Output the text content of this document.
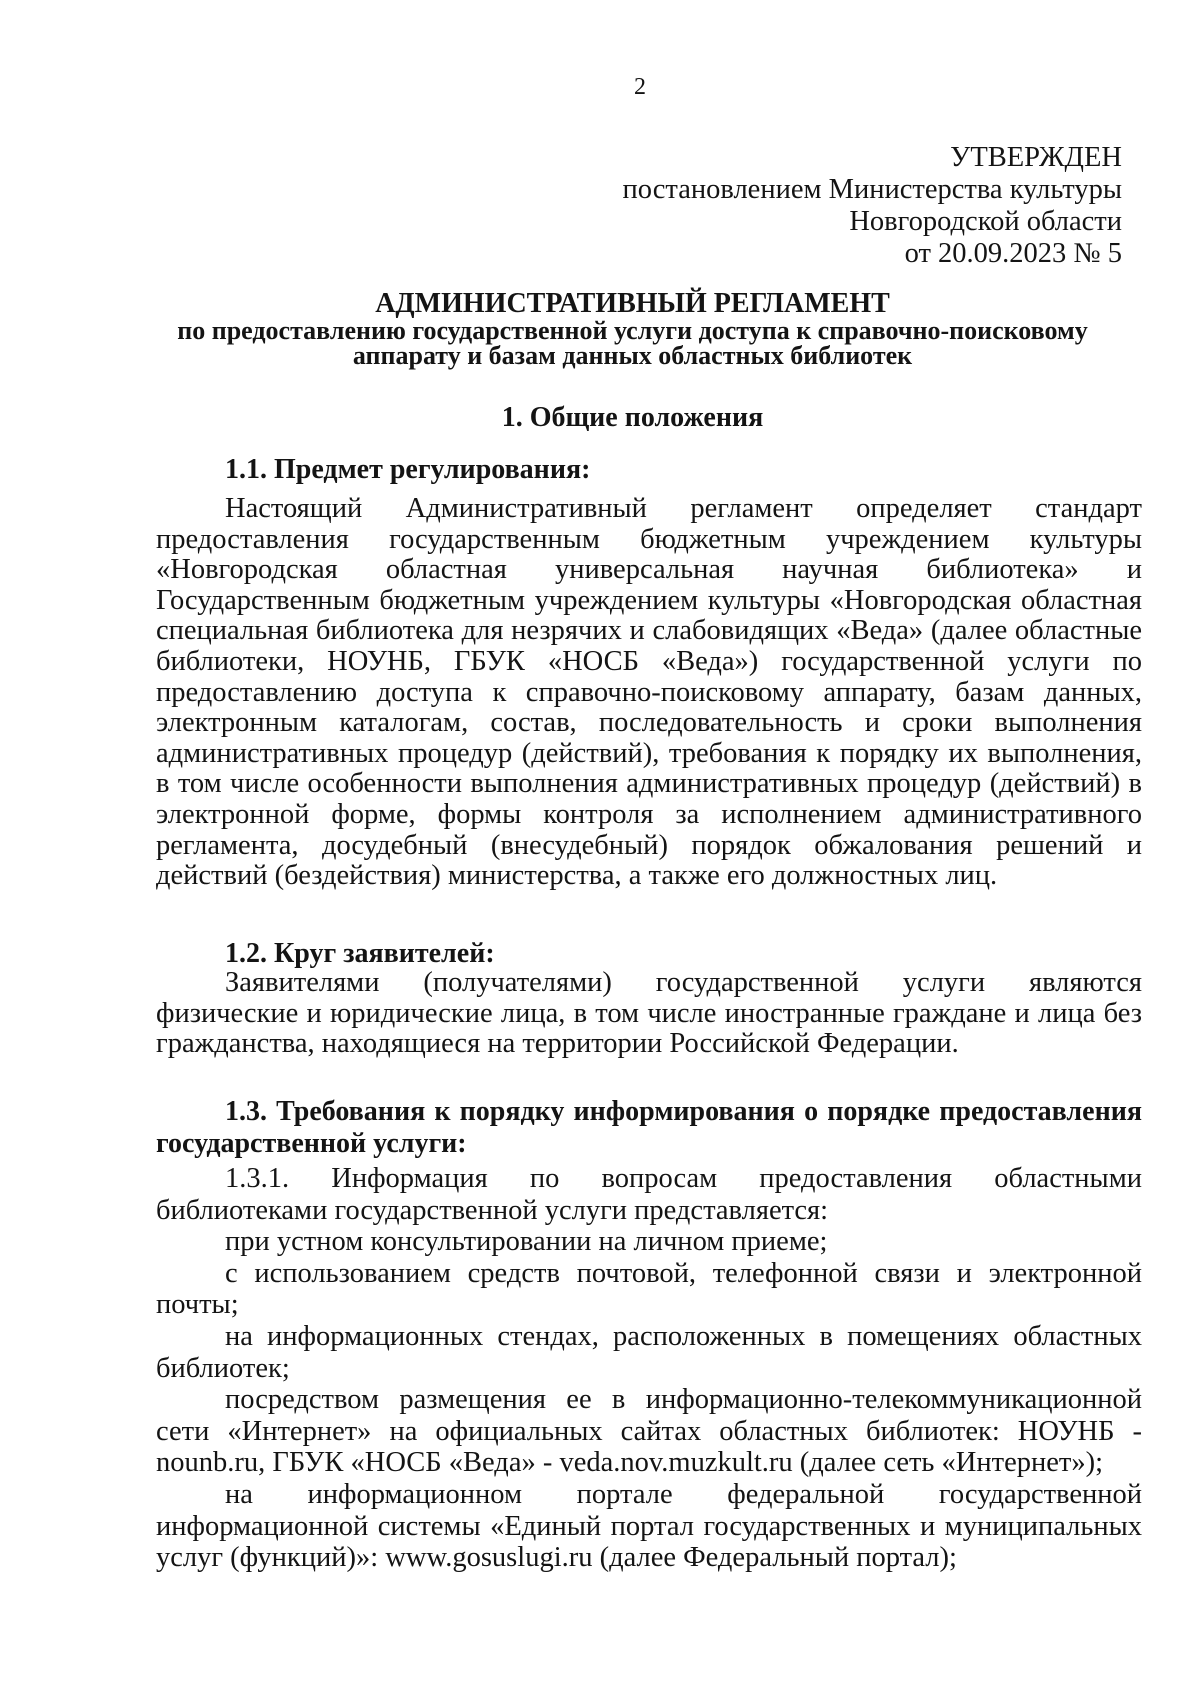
2
УТВЕРЖДЕН
постановлением Министерства культуры
Новгородской области
от 20.09.2023 № 5
АДМИНИСТРАТИВНЫЙ РЕГЛАМЕНТ
по предоставлению государственной услуги доступа к справочно-поисковому
аппарату и базам данных областных библиотек
1. Общие положения
1.1. Предмет регулирования:

Настоящий Административный регламент определяет стандарт предоставления государственным бюджетным учреждением культуры «Новгородская областная универсальная научная библиотека» и Государственным бюджетным учреждением культуры «Новгородская областная специальная библиотека для незрячих и слабовидящих «Веда» (далее областные библиотеки, НОУНБ, ГБУК «НОСБ «Веда») государственной услуги по предоставлению доступа к справочно-поисковому аппарату, базам данных, электронным каталогам, состав, последовательность и сроки выполнения административных процедур (действий), требования к порядку их выполнения, в том числе особенности выполнения административных процедур (действий) в электронной форме, формы контроля за исполнением административного регламента, досудебный (внесудебный) порядок обжалования решений и действий (бездействия) министерства, а также его должностных лиц.

1.2. Круг заявителей:

Заявителями (получателями) государственной услуги являются физические и юридические лица, в том числе иностранные граждане и лица без гражданства, находящиеся на территории Российской Федерации.

1.3. Требования к порядку информирования о порядке предоставления государственной услуги:

1.3.1. Информация по вопросам предоставления областными библиотеками государственной услуги представляется:

при устном консультировании на личном приеме;

с использованием средств почтовой, телефонной связи и электронной почты;

на информационных стендах, расположенных в помещениях областных библиотек;

посредством размещения ее в информационно-телекоммуникационной сети «Интернет» на официальных сайтах областных библиотек: НОУНБ - nounb.ru, ГБУК «НОСБ «Веда» - veda.nov.muzkult.ru (далее сеть «Интернет»);

на информационном портале федеральной государственной информационной системы «Единый портал государственных и муниципальных услуг (функций)»: www.gosuslugi.ru (далее Федеральный портал);
